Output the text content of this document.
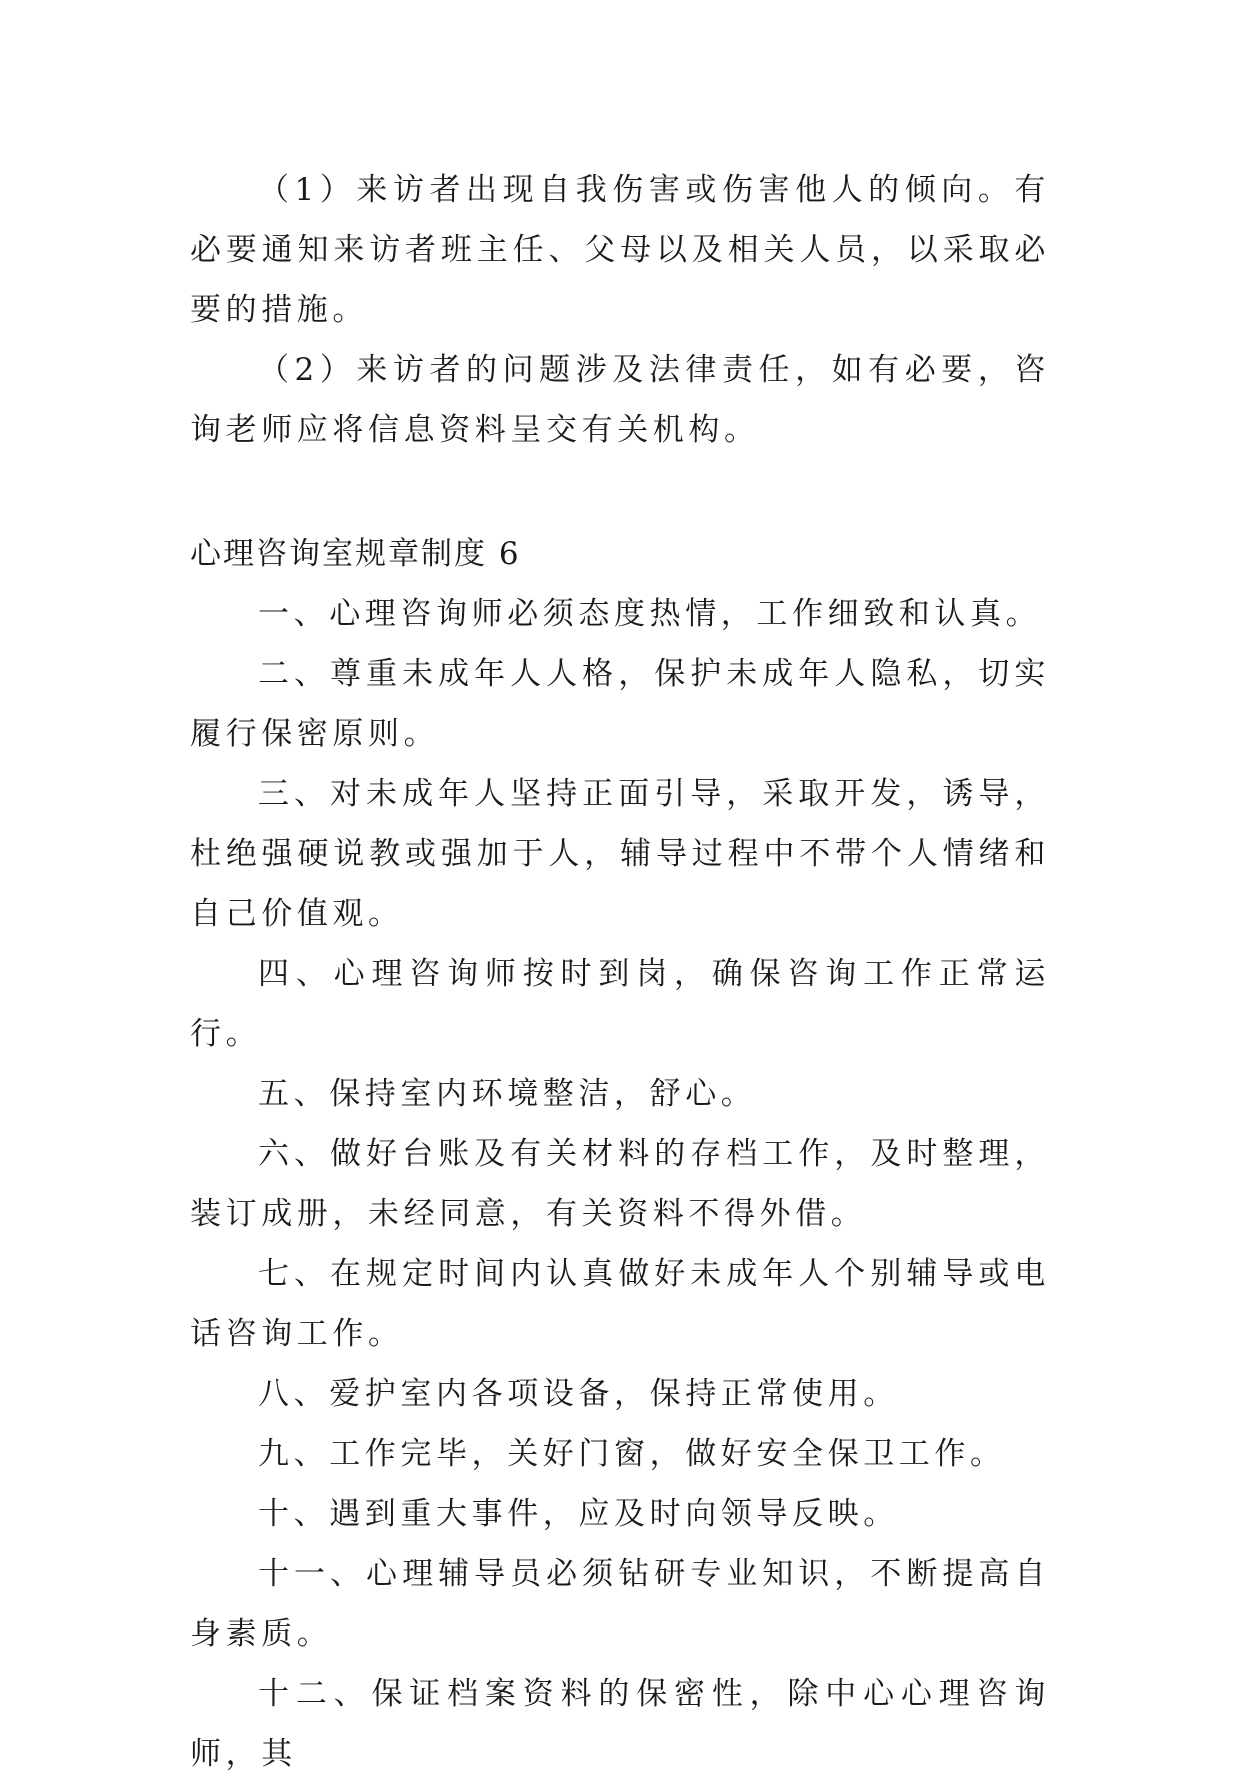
（1）来访者出现自我伤害或伤害他人的倾向。有必要通知来访者班主任、父母以及相关人员，以采取必要的措施。

（2）来访者的问题涉及法律责任，如有必要，咨询老师应将信息资料呈交有关机构。

心理咨询室规章制度 6

一、心理咨询师必须态度热情，工作细致和认真。

二、尊重未成年人人格，保护未成年人隐私，切实履行保密原则。

三、对未成年人坚持正面引导，采取开发，诱导，杜绝强硬说教或强加于人，辅导过程中不带个人情绪和自己价值观。

四、心理咨询师按时到岗，确保咨询工作正常运行。

五、保持室内环境整洁，舒心。

六、做好台账及有关材料的存档工作，及时整理，装订成册，未经同意，有关资料不得外借。

七、在规定时间内认真做好未成年人个别辅导或电话咨询工作。

八、爱护室内各项设备，保持正常使用。

九、工作完毕，关好门窗，做好安全保卫工作。

十、遇到重大事件，应及时向领导反映。

十一、心理辅导员必须钻研专业知识，不断提高自身素质。

十二、保证档案资料的保密性，除中心心理咨询师，其
